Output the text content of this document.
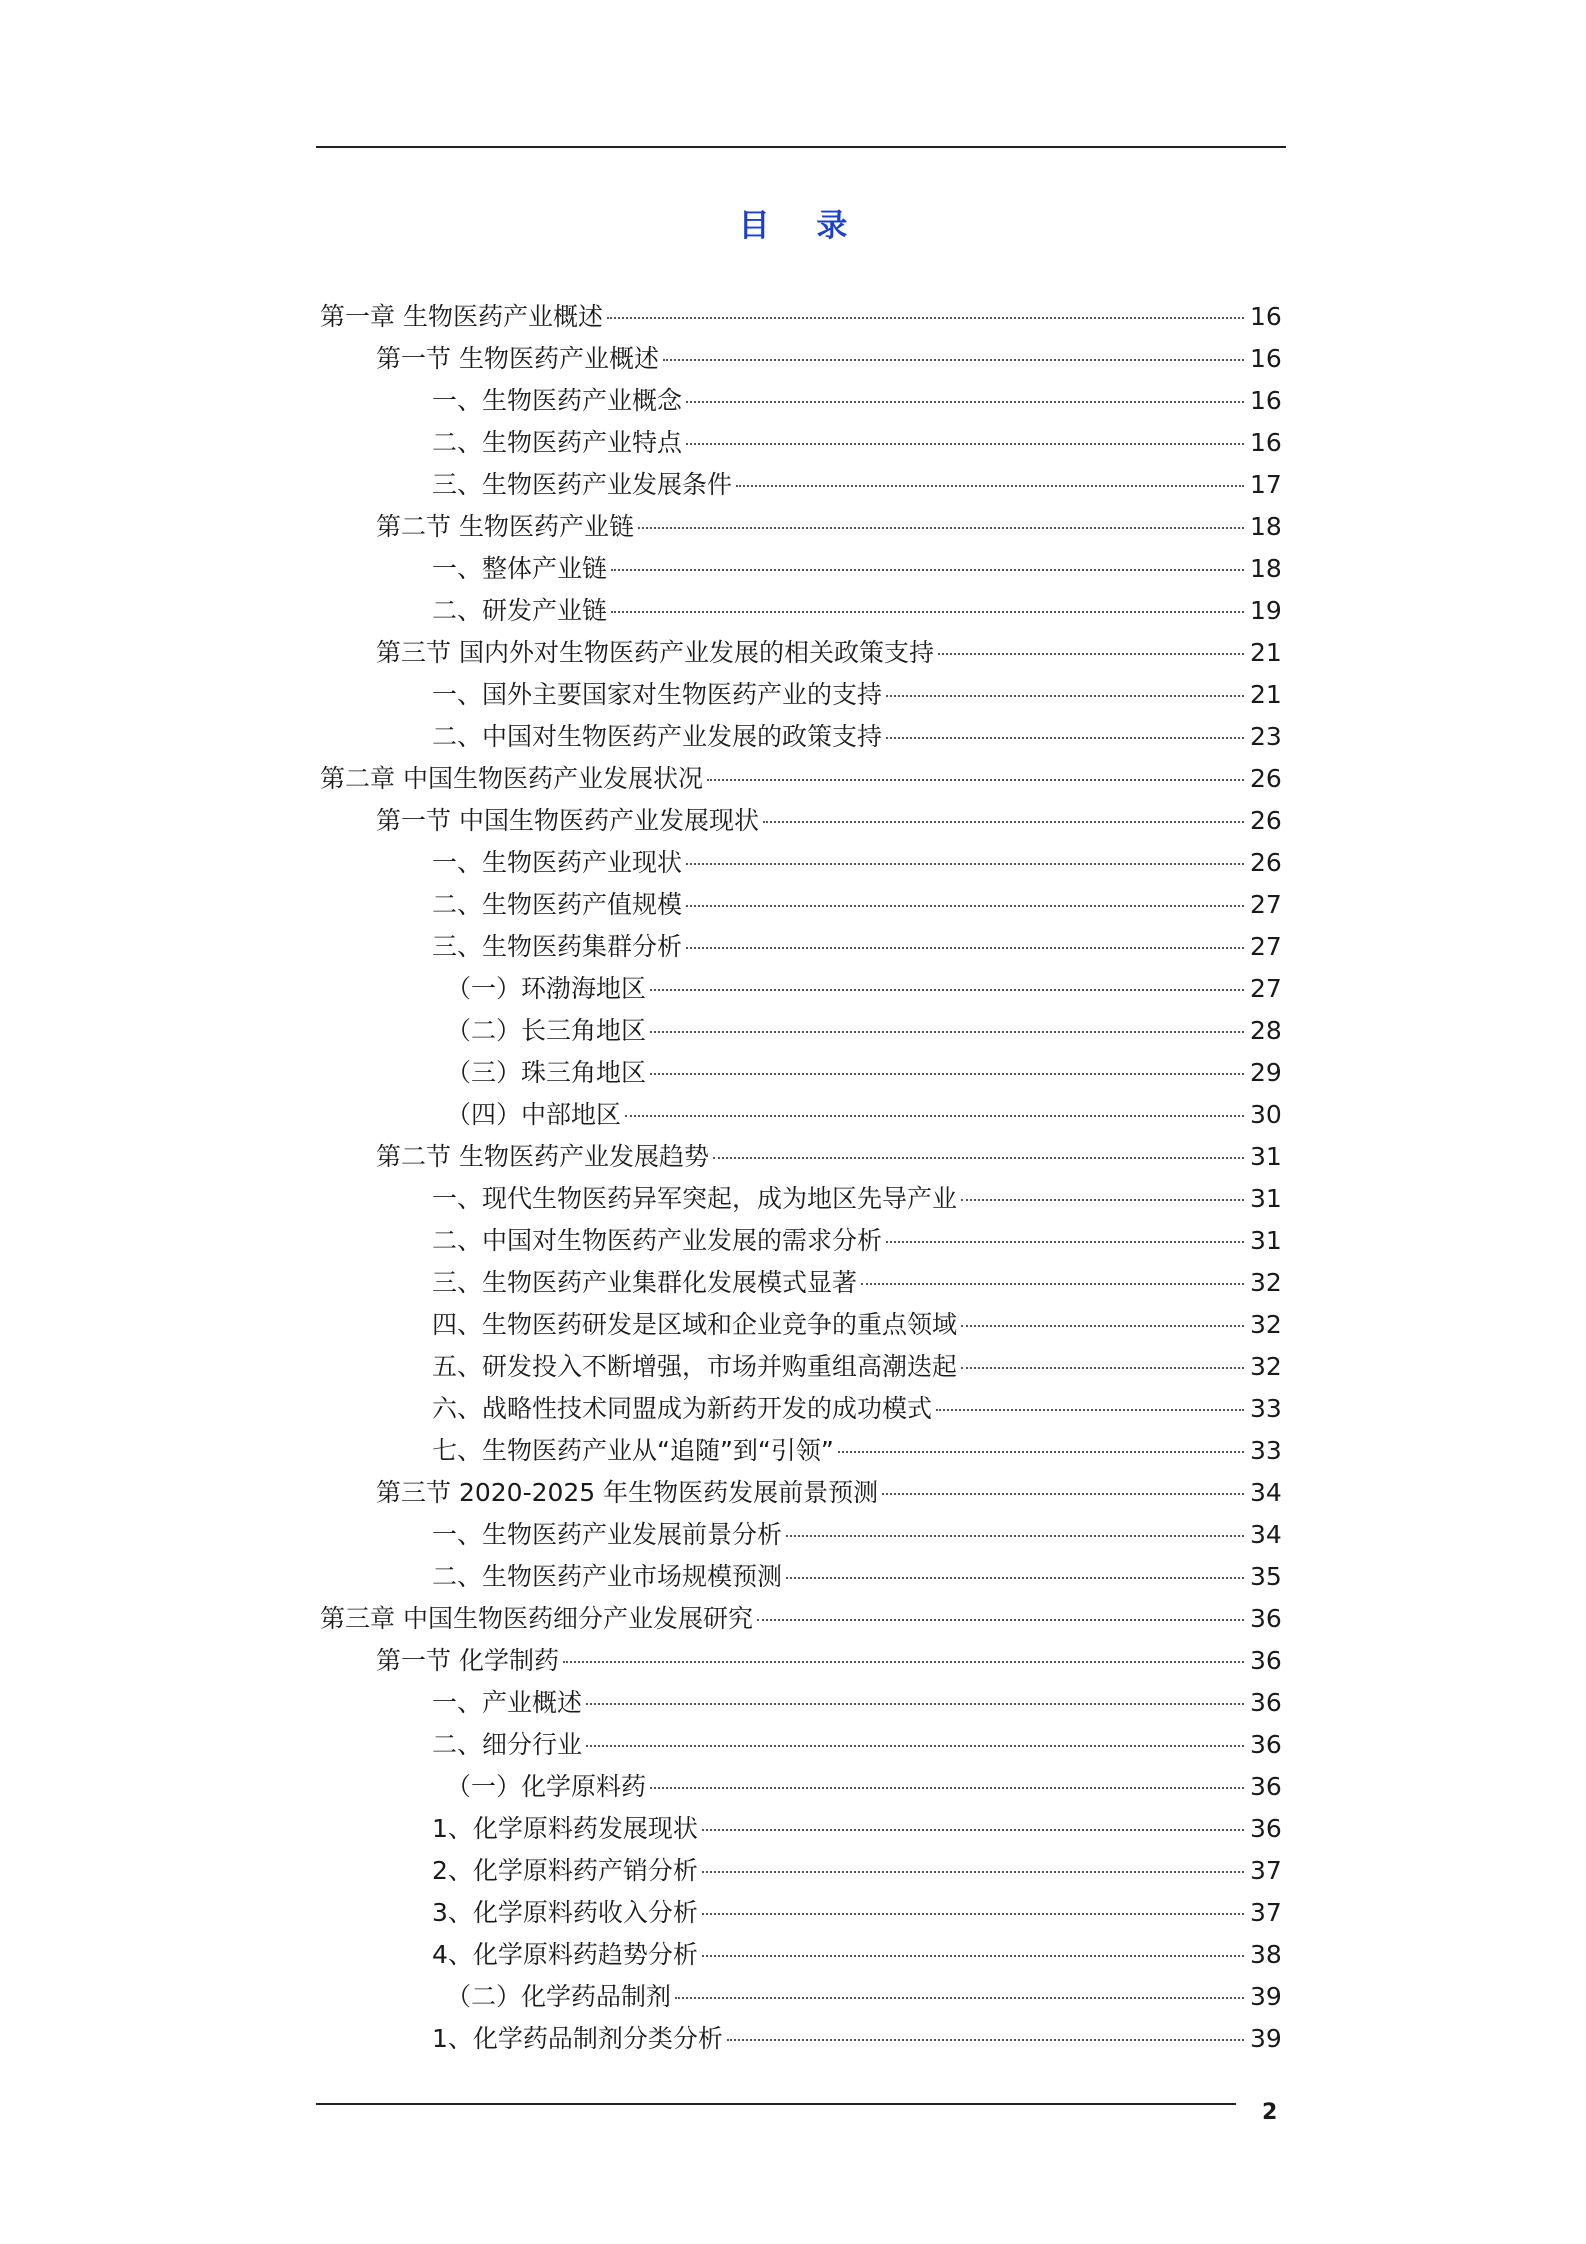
目 录
第一章 生物医药产业概述	16
第一节 生物医药产业概述	16
一、生物医药产业概念	16
二、生物医药产业特点	16
三、生物医药产业发展条件	17
第二节 生物医药产业链	18
一、整体产业链	18
二、研发产业链	19
第三节 国内外对生物医药产业发展的相关政策支持	21
一、国外主要国家对生物医药产业的支持	21
二、中国对生物医药产业发展的政策支持	23
第二章 中国生物医药产业发展状况	26
第一节 中国生物医药产业发展现状	26
一、生物医药产业现状	26
二、生物医药产值规模	27
三、生物医药集群分析	27
（一）环渤海地区	27
（二）长三角地区	28
（三）珠三角地区	29
（四）中部地区	30
第二节 生物医药产业发展趋势	31
一、现代生物医药异军突起，成为地区先导产业	31
二、中国对生物医药产业发展的需求分析	31
三、生物医药产业集群化发展模式显著	32
四、生物医药研发是区域和企业竞争的重点领域	32
五、研发投入不断增强，市场并购重组高潮迭起	32
六、战略性技术同盟成为新药开发的成功模式	33
七、生物医药产业从“追随”到“引领”	33
第三节 2020-2025 年生物医药发展前景预测	34
一、生物医药产业发展前景分析	34
二、生物医药产业市场规模预测	35
第三章 中国生物医药细分产业发展研究	36
第一节 化学制药	36
一、产业概述	36
二、细分行业	36
（一）化学原料药	36
1、化学原料药发展现状	36
2、化学原料药产销分析	37
3、化学原料药收入分析	37
4、化学原料药趋势分析	38
（二）化学药品制剂	39
1、化学药品制剂分类分析	39
2
